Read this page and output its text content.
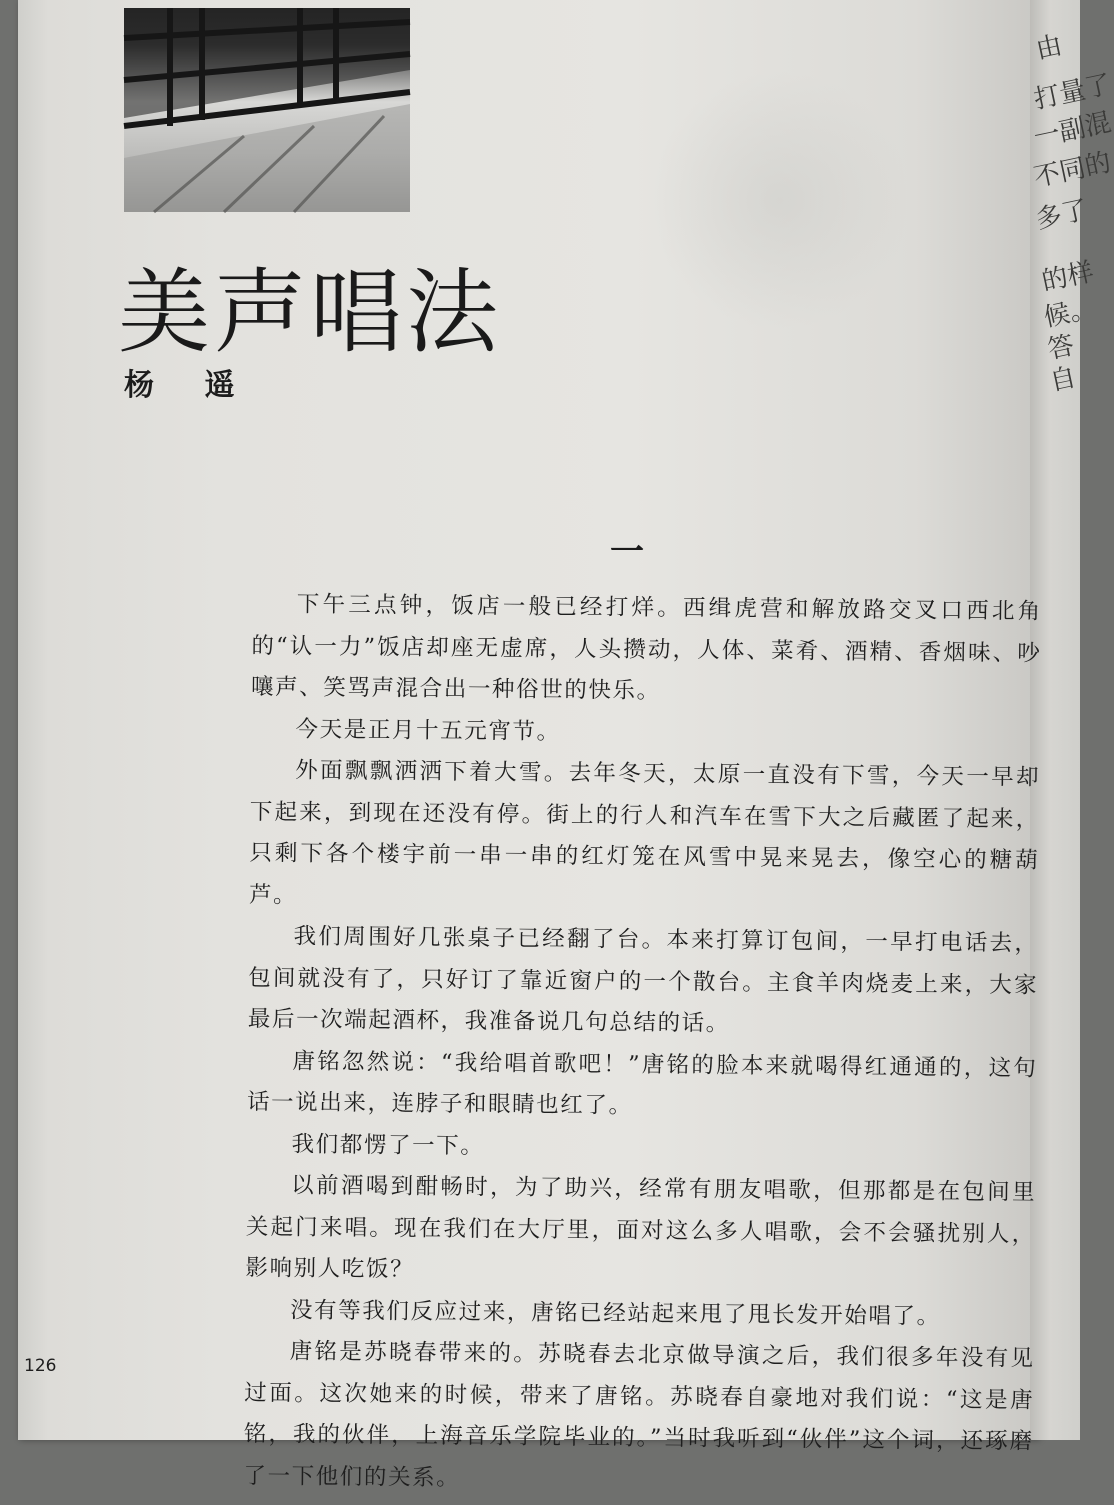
由
打量了
一副混
不同的
多了
的样
候。
答
自
美声唱法

杨 遥

一

下午三点钟，饭店一般已经打烊。西缉虎营和解放路交叉口西北角的“认一力”饭店却座无虚席，人头攒动，人体、菜肴、酒精、香烟味、吵嚷声、笑骂声混合出一种俗世的快乐。

今天是正月十五元宵节。

外面飘飘洒洒下着大雪。去年冬天，太原一直没有下雪，今天一早却下起来，到现在还没有停。街上的行人和汽车在雪下大之后藏匿了起来，只剩下各个楼宇前一串一串的红灯笼在风雪中晃来晃去，像空心的糖葫芦。

我们周围好几张桌子已经翻了台。本来打算订包间，一早打电话去，包间就没有了，只好订了靠近窗户的一个散台。主食羊肉烧麦上来，大家最后一次端起酒杯，我准备说几句总结的话。

唐铭忽然说：“我给唱首歌吧！”唐铭的脸本来就喝得红通通的，这句话一说出来，连脖子和眼睛也红了。

我们都愣了一下。

以前酒喝到酣畅时，为了助兴，经常有朋友唱歌，但那都是在包间里关起门来唱。现在我们在大厅里，面对这么多人唱歌，会不会骚扰别人，影响别人吃饭？

没有等我们反应过来，唐铭已经站起来甩了甩长发开始唱了。

唐铭是苏晓春带来的。苏晓春去北京做导演之后，我们很多年没有见过面。这次她来的时候，带来了唐铭。苏晓春自豪地对我们说：“这是唐铭，我的伙伴，上海音乐学院毕业的。”当时我听到“伙伴”这个词，还琢磨了一下他们的关系。

126
